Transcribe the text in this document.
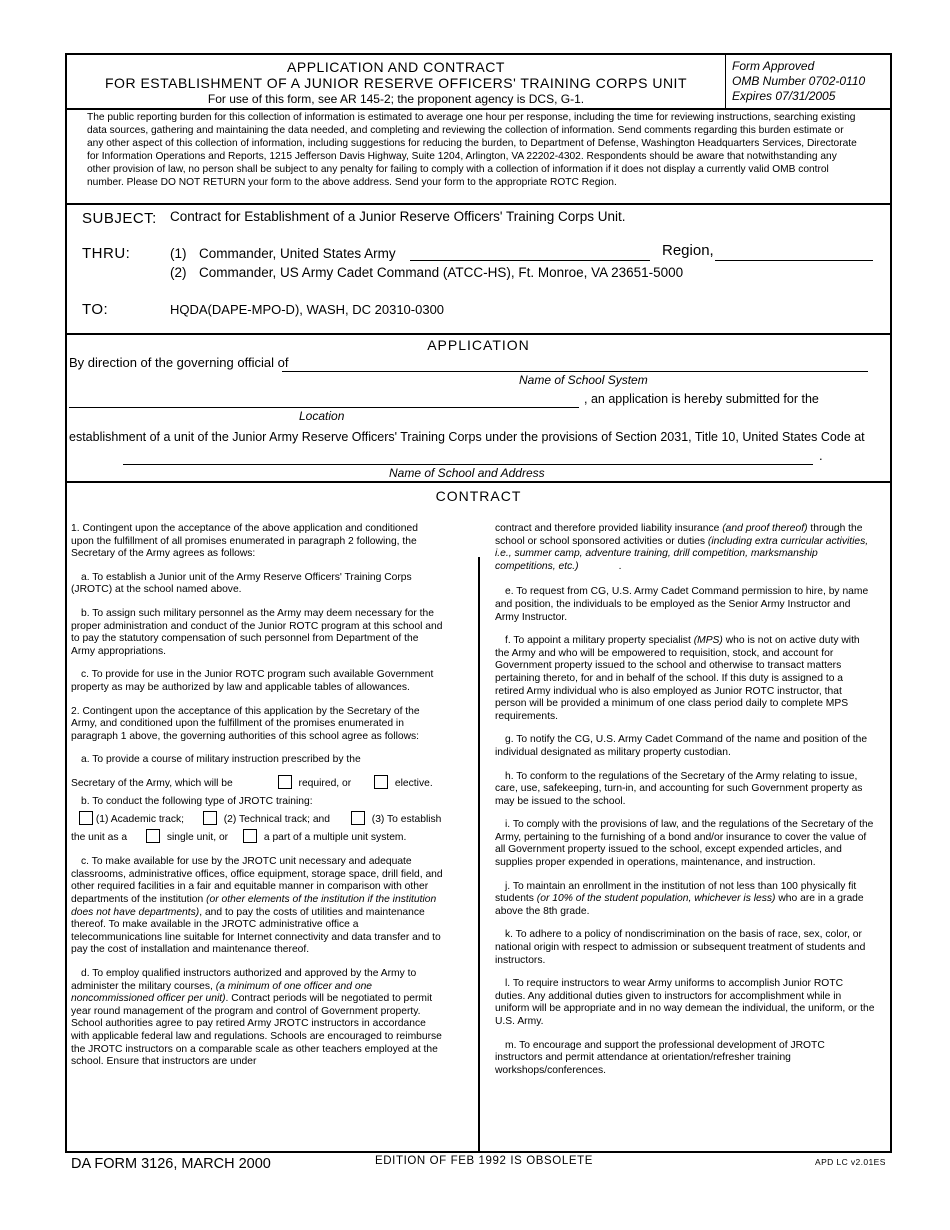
APPLICATION AND CONTRACT
FOR ESTABLISHMENT OF A JUNIOR RESERVE OFFICERS' TRAINING CORPS UNIT
For use of this form, see AR 145-2; the proponent agency is DCS, G-1.
Form Approved
OMB Number 0702-0110
Expires 07/31/2005
The public reporting burden for this collection of information is estimated to average one hour per response, including the time for reviewing instructions, searching existing data sources, gathering and maintaining the data needed, and completing and reviewing the collection of information. Send comments regarding this burden estimate or any other aspect of this collection of information, including suggestions for reducing the burden, to Department of Defense, Washington Headquarters Services, Directorate for Information Operations and Reports, 1215 Jefferson Davis Highway, Suite 1204, Arlington, VA 22202-4302. Respondents should be aware that notwithstanding any other provision of law, no person shall be subject to any penalty for failing to comply with a collection of information if it does not display a currently valid OMB control number. Please DO NOT RETURN your form to the above address. Send your form to the appropriate ROTC Region.
SUBJECT: Contract for Establishment of a Junior Reserve Officers' Training Corps Unit.
THRU:	(1) Commander, United States Army	Region,
(2) Commander, US Army Cadet Command (ATCC-HS), Ft. Monroe, VA 23651-5000
TO:	HQDA(DAPE-MPO-D), WASH, DC 20310-0300
APPLICATION
By direction of the governing official of
Name of School System
, an application is hereby submitted for the
Location
establishment of a unit of the Junior Army Reserve Officers' Training Corps under the provisions of Section 2031, Title 10, United States Code at
.
Name of School and Address
CONTRACT

1. Contingent upon the acceptance of the above application and conditioned upon the fulfillment of all promises enumerated in paragraph 2 following, the Secretary of the Army agrees as follows:

a. To establish a Junior unit of the Army Reserve Officers' Training Corps (JROTC) at the school named above.

b. To assign such military personnel as the Army may deem necessary for the proper administration and conduct of the Junior ROTC program at this school and to pay the statutory compensation of such personnel from Department of the Army appropriations.

c. To provide for use in the Junior ROTC program such available Government property as may be authorized by law and applicable tables of allowances.

2. Contingent upon the acceptance of this application by the Secretary of the Army, and conditioned upon the fulfillment of the promises enumerated in paragraph 1 above, the governing authorities of this school agree as follows:

a. To provide a course of military instruction prescribed by the

Secretary of the Army, which will be	required, or	elective.
b. To conduct the following type of JROTC training:
(1) Academic track;	(2) Technical track; and	(3) To establish
the unit as a	single unit, or	a part of a multiple unit system.

c. To make available for use by the JROTC unit necessary and adequate classrooms, administrative offices, office equipment, storage space, drill field, and other required facilities in a fair and equitable manner in comparison with other departments of the institution (or other elements of the institution if the institution does not have departments), and to pay the costs of utilities and maintenance thereof. To make available in the JROTC administrative office a telecommunications line suitable for Internet connectivity and data transfer and to pay the cost of installation and maintenance thereof.

d. To employ qualified instructors authorized and approved by the Army to administer the military courses, (a minimum of one officer and one noncommissioned officer per unit). Contract periods will be negotiated to permit year round management of the program and control of Government property. School authorities agree to pay retired Army JROTC instructors in accordance with applicable federal law and regulations. Schools are encouraged to reimburse the JROTC instructors on a comparable scale as other teachers employed at the school. Ensure that instructors are under

contract and therefore provided liability insurance (and proof thereof) through the school or school sponsored activities or duties (including extra curricular activities, i.e., summer camp, adventure training, drill competition, marksmanship competitions, etc.)              .

e. To request from CG, U.S. Army Cadet Command permission to hire, by name and position, the individuals to be employed as the Senior Army Instructor and Army Instructor.

f. To appoint a military property specialist (MPS) who is not on active duty with the Army and who will be empowered to requisition, stock, and account for Government property issued to the school and otherwise to transact matters pertaining thereto, for and in behalf of the school. If this duty is assigned to a retired Army individual who is also employed as Junior ROTC instructor, that person will be provided a minimum of one class period daily to complete MPS requirements.

g. To notify the CG, U.S. Army Cadet Command of the name and position of the individual designated as military property custodian.

h. To conform to the regulations of the Secretary of the Army relating to issue, care, use, safekeeping, turn-in, and accounting for such Government property as may be issued to the school.

i. To comply with the provisions of law, and the regulations of the Secretary of the Army, pertaining to the furnishing of a bond and/or insurance to cover the value of all Government property issued to the school, except expended articles, and supplies proper expended in operations, maintenance, and instruction.

j. To maintain an enrollment in the institution of not less than 100 physically fit students (or 10% of the student population, whichever is less) who are in a grade above the 8th grade.

k. To adhere to a policy of nondiscrimination on the basis of race, sex, color, or national origin with respect to admission or subsequent treatment of students and instructors.

l. To require instructors to wear Army uniforms to accomplish Junior ROTC duties. Any additional duties given to instructors for accomplishment while in uniform will be appropriate and in no way demean the individual, the uniform, or the U.S. Army.

m. To encourage and support the professional development of JROTC instructors and permit attendance at orientation/refresher training workshops/conferences.

DA FORM 3126, MARCH 2000	EDITION OF FEB 1992 IS OBSOLETE	APD LC v2.01ES
